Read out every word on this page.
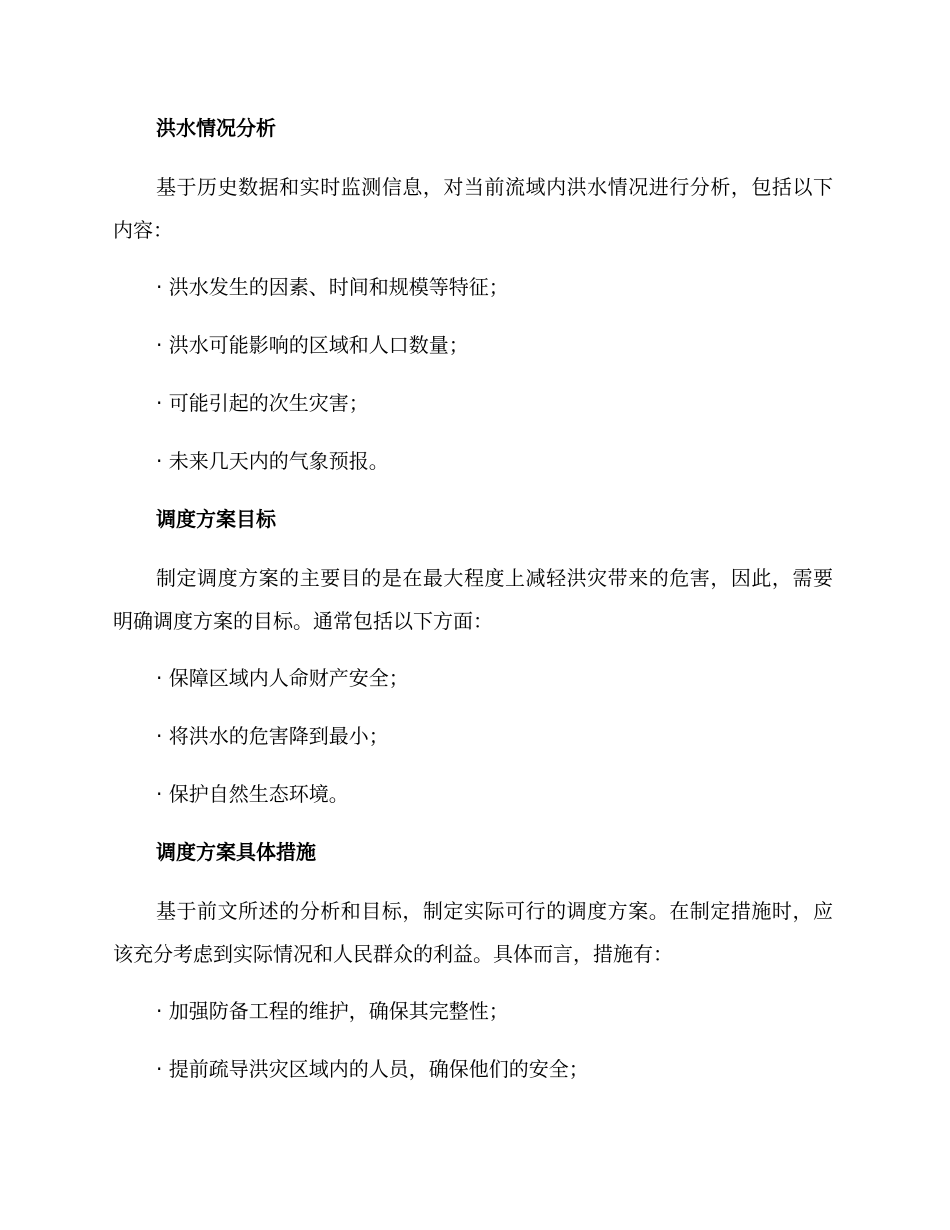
洪水情况分析
基于历史数据和实时监测信息，对当前流域内洪水情况进行分析，包括以下内容：
· 洪水发生的因素、时间和规模等特征；
· 洪水可能影响的区域和人口数量；
· 可能引起的次生灾害；
· 未来几天内的气象预报。
调度方案目标
制定调度方案的主要目的是在最大程度上减轻洪灾带来的危害，因此，需要明确调度方案的目标。通常包括以下方面：
· 保障区域内人命财产安全；
· 将洪水的危害降到最小；
· 保护自然生态环境。
调度方案具体措施
基于前文所述的分析和目标，制定实际可行的调度方案。在制定措施时，应该充分考虑到实际情况和人民群众的利益。具体而言，措施有：
· 加强防备工程的维护，确保其完整性；
· 提前疏导洪灾区域内的人员，确保他们的安全；
